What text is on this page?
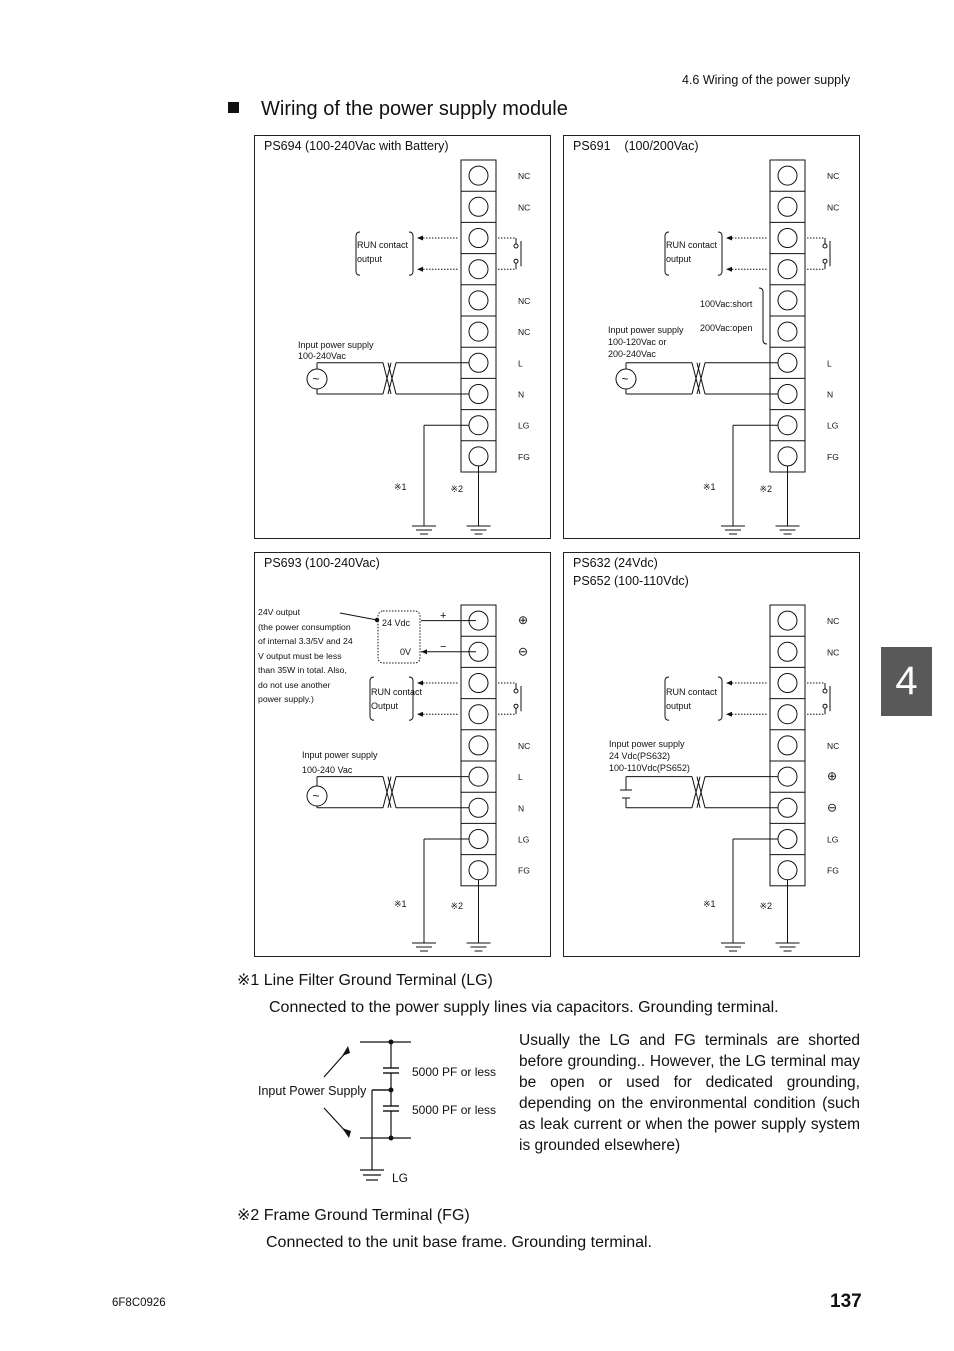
4.6 Wiring of the power supply
Wiring of the power supply module
PS694 (100-240Vac with Battery)
NC
NC
NC
NC
L
N
LG
FG
RUN contact
output
Input power supply
100-240Vac
~
※1	※2
PS691    (100/200Vac)
NC
NC
L
N
LG
FG
RUN contact
output
Input power supply
100-120Vac or
200-240Vac
100Vac:short
200Vac:open
~
※1	※2
PS693 (100-240Vac)
⊕
⊖
NC
L
N
LG
FG
RUN contact
Output
24V output
(the power consumption
of internal 3.3/5V and 24
V output must be less
than 35W in total. Also,
do not use another
power supply.)
24 Vdc
0V
+
−
Input power supply
100-240 Vac
~
※1	※2
PS632 (24Vdc)
PS652 (100-110Vdc)
NC
NC
NC
⊕
⊖
LG
FG
RUN contact
output
Input power supply
24 Vdc(PS632)
100-110Vdc(PS652)
※1	※2
4
※1 Line Filter Ground Terminal (LG)
Connected to the power supply lines via capacitors. Grounding terminal.
Input Power Supply
5000 PF or less
5000 PF or less
LG
Usually the LG and FG terminals are shorted before grounding.. However, the LG terminal may be open or used for dedicated grounding, depending on the environmental condition (such as leak current or when the power supply system is grounded elsewhere)
※2 Frame Ground Terminal (FG)
Connected to the unit base frame. Grounding terminal.
6F8C0926	137
